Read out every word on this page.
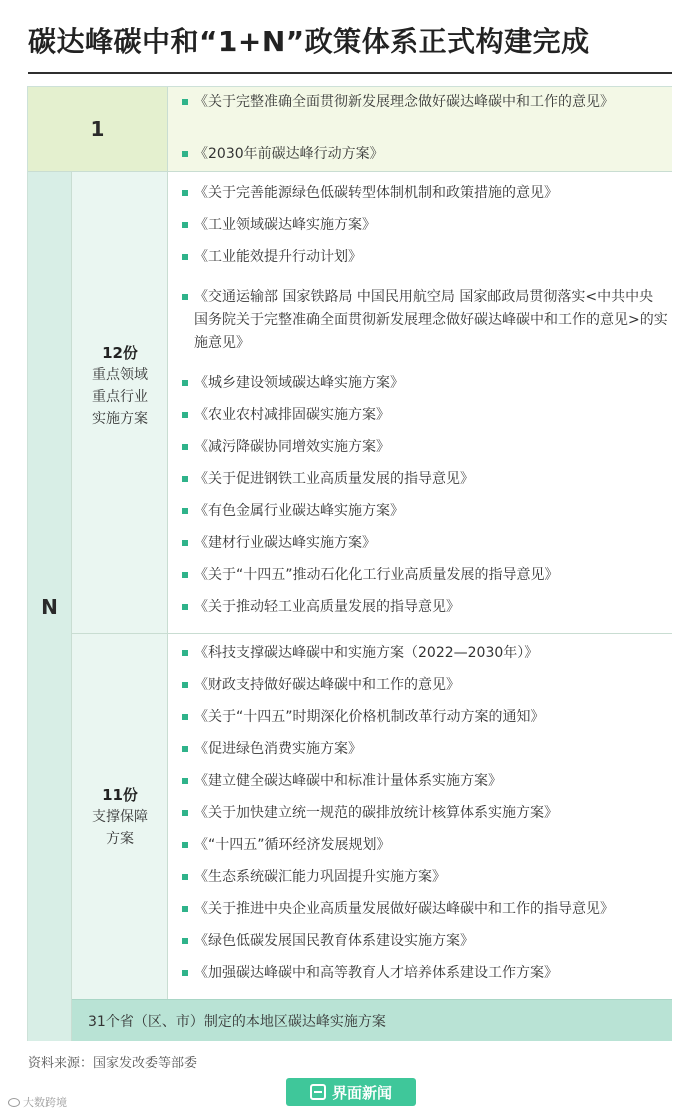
碳达峰碳中和“1+N”政策体系正式构建完成
1
《关于完整准确全面贯彻新发展理念做好碳达峰碳中和工作的意见》
《2030年前碳达峰行动方案》
N
12份
重点领域
重点行业
实施方案
《关于完善能源绿色低碳转型体制机制和政策措施的意见》
《工业领域碳达峰实施方案》
《工业能效提升行动计划》
《交通运输部 国家铁路局 中国民用航空局 国家邮政局贯彻落实<中共中央 国务院关于完整准确全面贯彻新发展理念做好碳达峰碳中和工作的意见>的实施意见》
《城乡建设领域碳达峰实施方案》
《农业农村减排固碳实施方案》
《减污降碳协同增效实施方案》
《关于促进钢铁工业高质量发展的指导意见》
《有色金属行业碳达峰实施方案》
《建材行业碳达峰实施方案》
《关于“十四五”推动石化化工行业高质量发展的指导意见》
《关于推动轻工业高质量发展的指导意见》
11份
支撑保障
方案
《科技支撑碳达峰碳中和实施方案（2022—2030年）》
《财政支持做好碳达峰碳中和工作的意见》
《关于“十四五”时期深化价格机制改革行动方案的通知》
《促进绿色消费实施方案》
《建立健全碳达峰碳中和标准计量体系实施方案》
《关于加快建立统一规范的碳排放统计核算体系实施方案》
《“十四五”循环经济发展规划》
《生态系统碳汇能力巩固提升实施方案》
《关于推进中央企业高质量发展做好碳达峰碳中和工作的指导意见》
《绿色低碳发展国民教育体系建设实施方案》
《加强碳达峰碳中和高等教育人才培养体系建设工作方案》
31个省（区、市）制定的本地区碳达峰实施方案
资料来源：国家发改委等部委
界面新闻
大数跨境
